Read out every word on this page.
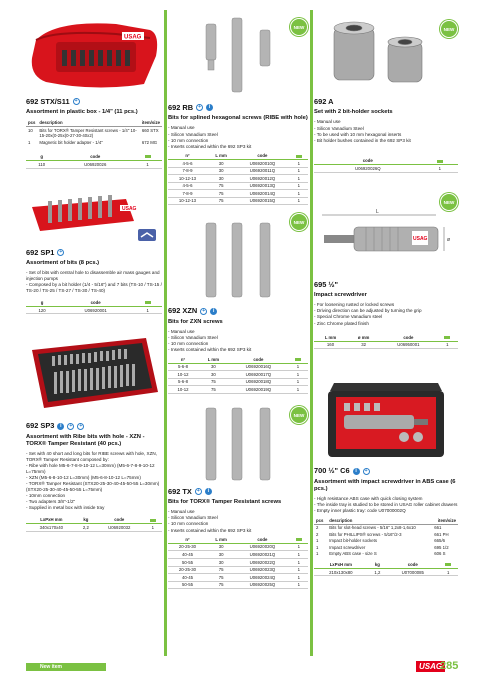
USAG
692 STX/S11	+
Assortment in plastic box - 1/4" (11 pcs.)
pcs	description	item/size
10	Bits for TORX® Tamper Resistant screws - 1/4" 10-15-20x(0-25x(0-27-30-40x2)	660 STX
1	Magnetic bit holder adapter - 1/4"	672 MG
g	code	
110	U06920026	1
USAG
692 SP1	+
Assortment of bits (8 pcs.)
- Set of bits with central hole to disassemble air mass gauges and injection pumps
- Composed by a bit holder (1/4 - 5/16") and 7 bits (TS-10 / TS-15 / TS-20 / TS-25 / TS-27 / TS-30 / TS-40)
g	code	
120	U06920001	1
692 SP3	i	+	+
Assortment with Ribe bits with hole - XZN - TORX® Tamper Resistant (40 pcs.)
- Set with 40 short and long bits for RIBE screws with hole, XZN, TORX® Tamper Resistant composed by:
- Ribe with hole M5-6-7-8-9-10-12 L=30mm) (M5-6-7-8-9-10-12 L=75mm)
- XZN (M5-6-8-10-12 L=30mm) (M5-6-8-10-12 L=75mm)
- TORX® Tamper Resistant (STX20-25-30-40-45-50-55 L=30mm) (STX20-25-30-40-45-50-55 L=75mm)
- 10mm connection
- Two adapters 3/8"-1/2"
- Supplied in metal box with inside tray
LxPxH mm	kg	code	
340x170x40	2,2	U06920032	1
NEW
692 RB	+	i
Bits for splined hexagonal screws (RIBE with hole)
- Manual use
- Silicon Vanadium Steel
- 10 mm connection
- Inserts contained within the 692 SP3 kit
n°	L mm	code	
4-5-6	30	U06920010Q	1
7-8-9	30	U06920011Q	1
10-12-13	30	U06920012Q	1
4-5-6	75	U06920013Q	1
7-8-9	75	U06920014Q	1
10-12-13	75	U06920015Q	1
NEW
692 XZN	+	i
Bits for ZXN screws
- Manual use
- Silicon Vanadium Steel
- 10 mm connection
- Inserts contained within the 692 SP3 kit
n°	L mm	code	
5-6-8	30	U06920016Q	1
10-12	30	U06920017Q	1
5-6-8	75	U06920018Q	1
10-12	75	U06920019Q	1
NEW
692 TX	+	i
Bits for TORX® Tamper Resistant screws
- Manual use
- Silicon Vanadium Steel
- 10 mm connection
- Inserts contained within the 692 SP3 kit
n°	L mm	code	
20-25-30	30	U06920020Q	1
40-45	30	U06920021Q	1
50-55	30	U06920022Q	1
20-25-30	75	U06920023Q	1
40-45	75	U06920024Q	1
50-55	75	U06920025Q	1
NEW
692 A
Set with 2 bit-holder sockets
- Manual use
- Silicon Vanadium Steel
- To be used with 10 mm hexagonal inserts
- Bit holder bushes contained in the 692 SP3 kit
code	
U06920026Q	1
L
USAG	ø
NEW
695 ½"
Impact screwdriver
- For loosening rusted or locked screws
- Driving direction can be adjusted by turning the grip
- Special Chrome Vanadium steel
- Zinc Chrome plated finish
L mm	ø mm	code	
160	32	U06950001	1
700 ½" C6	i	+
Assortment with impact screwdriver in ABS case (6 pcs.)
- High resistance ABS case with quick closing system
- The inside tray is studied to be stored in USAG roller cabinet drawers
- Empty inner plastic tray: code U07000002Q
pcs	description	item/size
2	Bits for slot-head screws - 5/16" 1,2x8-1,6x10	661
2	Bits for PHILLIPS® screws - 5/16"/2-3	661 PH
1	Impact bit-holder sockets	665/6
1	Impact screwdriver	695 1/2
1	Empty ABS case - size S	606 S
LxPxH mm	kg	code	
210x130x80	1,2	U07000085	1
New item	USAG
285
